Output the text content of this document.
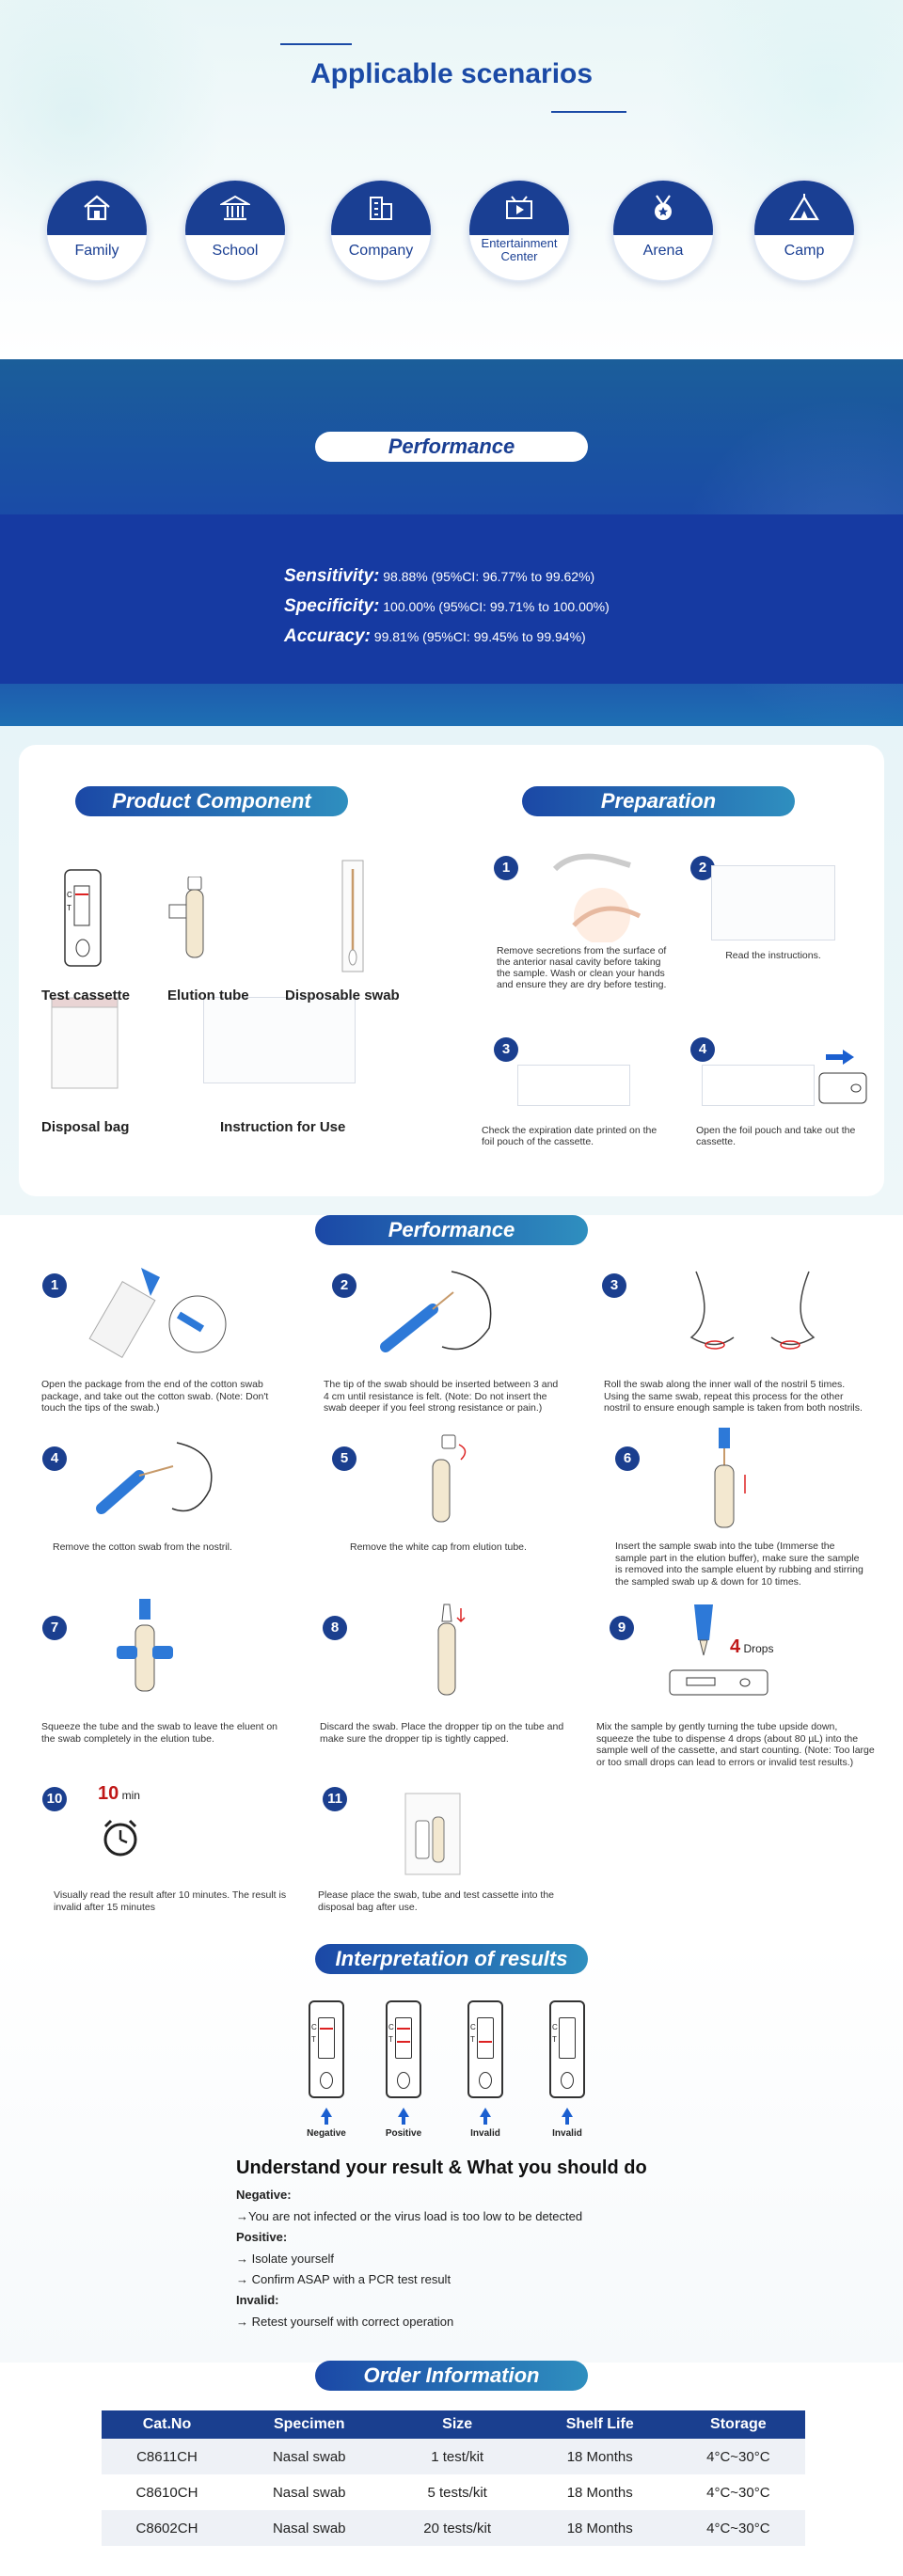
Applicable scenarios
Family	School	Company	Entertainment Center	Arena	Camp
Performance
Sensitivity: 98.88% (95%CI: 96.77% to 99.62%)
Specificity: 100.00% (95%CI: 99.71% to 100.00%)
Accuracy: 99.81% (95%CI: 99.45% to 99.94%)
Product Component	Preparation
C
T
Test cassette	Elution tube	Disposable swab
Disposal bag	Instruction for Use
1
Remove secretions from the surface of the anterior nasal cavity before taking the sample. Wash or clean your hands and ensure they are dry before testing.
2
Read the instructions.
3
Check the expiration date printed on the foil pouch of the cassette.
4
Open the foil pouch and take out the cassette.
Performance
1
Open the package from the end of the cotton swab package, and take out the cotton swab. (Note: Don't touch the tips of the swab.)
2
The tip of the swab should be inserted between 3 and 4 cm until resistance is felt. (Note: Do not insert the swab deeper if you feel strong resistance or pain.)
3
Roll the swab along the inner wall of the nostril 5 times. Using the same swab, repeat this process for the other nostril to ensure enough sample is taken from both nostrils.
4
Remove the cotton swab from the nostril.
5
Remove the white cap from elution tube.
6
Insert the sample swab into the tube (Immerse the sample part in the elution buffer), make sure the sample is removed into the sample eluent by rubbing and stirring the sampled swab up & down for 10 times.
7
Squeeze the tube and the swab to leave the eluent on the swab completely in the elution tube.
8
Discard the swab. Place the dropper tip on the tube and make sure the dropper tip is tightly capped.
9
4 Drops
Mix the sample by gently turning the tube upside down, squeeze the tube to dispense 4 drops (about 80 µL) into the sample well of the cassette, and start counting. (Note: Too large or too small drops can lead to errors or invalid test results.)
10 10 min
Visually read the result after 10 minutes. The result is invalid after 15 minutes
11
Please place the swab, tube and test cassette into the disposal bag after use.
Interpretation of results
C
T
Negative
C
T
Positive
C
T
Invalid
C
T
Invalid
Understand your result & What you should do
Negative:
→You are not infected or the virus load is too low to be detected
Positive:
→ Isolate yourself
→ Confirm ASAP with a PCR test result
Invalid:
→ Retest yourself with correct operation
Order Information
Cat.No	Specimen	Size	Shelf Life	Storage
C8611CH	Nasal swab	1 test/kit	18 Months	4°C~30°C
C8610CH	Nasal swab	5 tests/kit	18 Months	4°C~30°C
C8602CH	Nasal swab	20 tests/kit	18 Months	4°C~30°C
